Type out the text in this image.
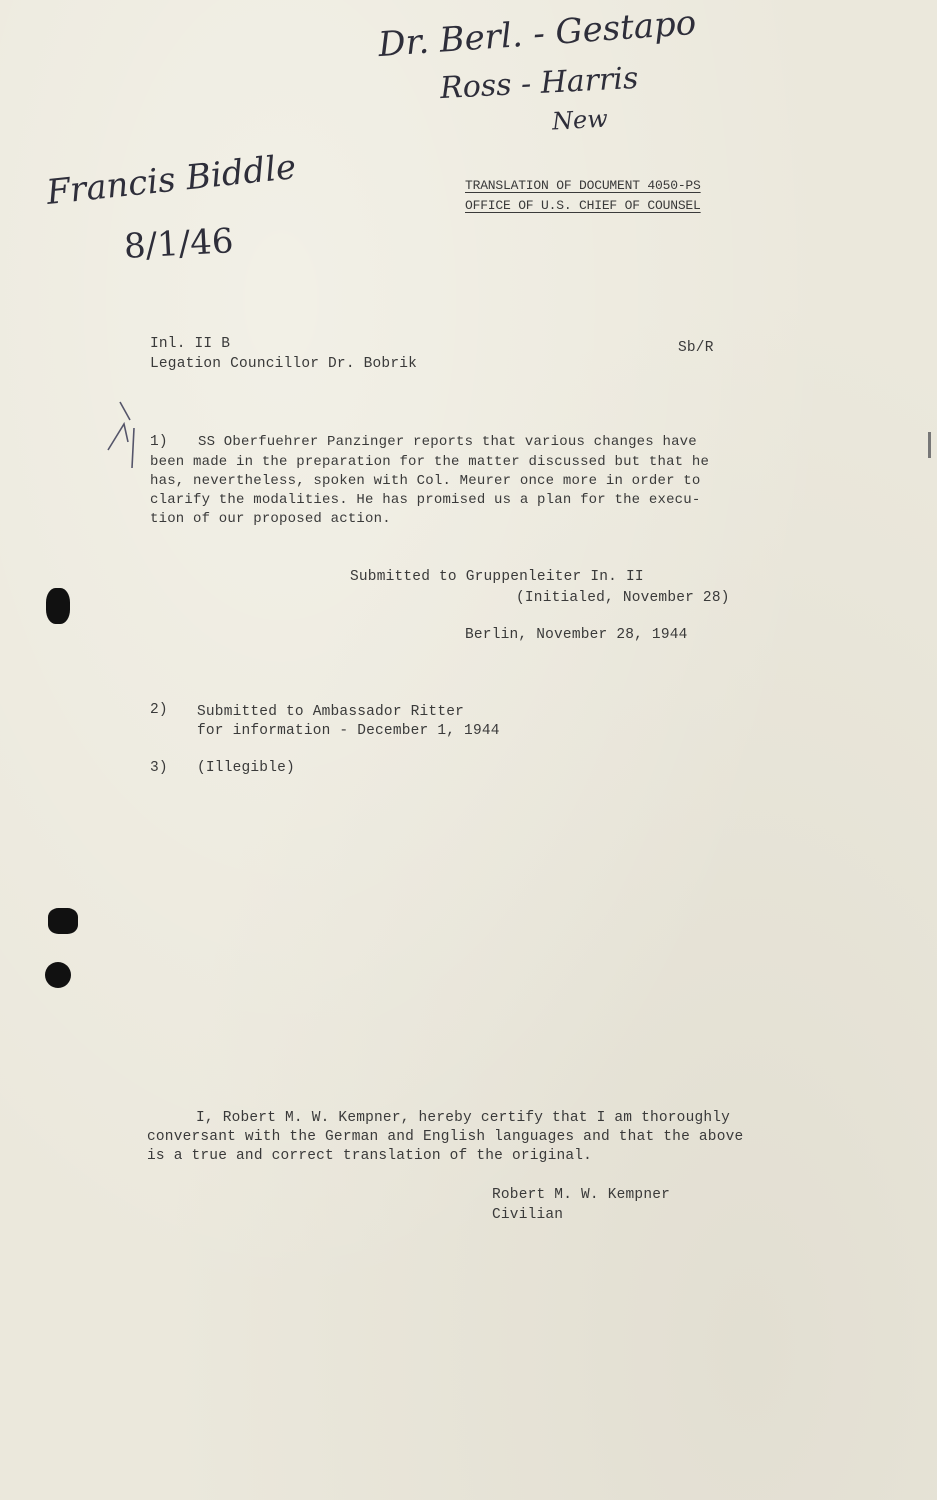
Dr. Berl. - Gestapo
Ross - Harris
New
Francis Biddle
8/1/46
TRANSLATION OF DOCUMENT 4050-PS
OFFICE OF U.S. CHIEF OF COUNSEL
Inl. II B
Legation Councillor Dr. Bobrik
Sb/R
1) SS Oberfuehrer Panzinger reports that various changes have
been made in the preparation for the matter discussed but that he
has, nevertheless, spoken with Col. Meurer once more in order to
clarify the modalities. He has promised us a plan for the execu-
tion of our proposed action.
Submitted to Gruppenleiter In. II
(Initialed, November 28)
Berlin, November 28, 1944
2) Submitted to Ambassador Ritter
for information - December 1, 1944
3) (Illegible)
I, Robert M. W. Kempner, hereby certify that I am thoroughly
conversant with the German and English languages and that the above
is a true and correct translation of the original.
Robert M. W. Kempner
Civilian
